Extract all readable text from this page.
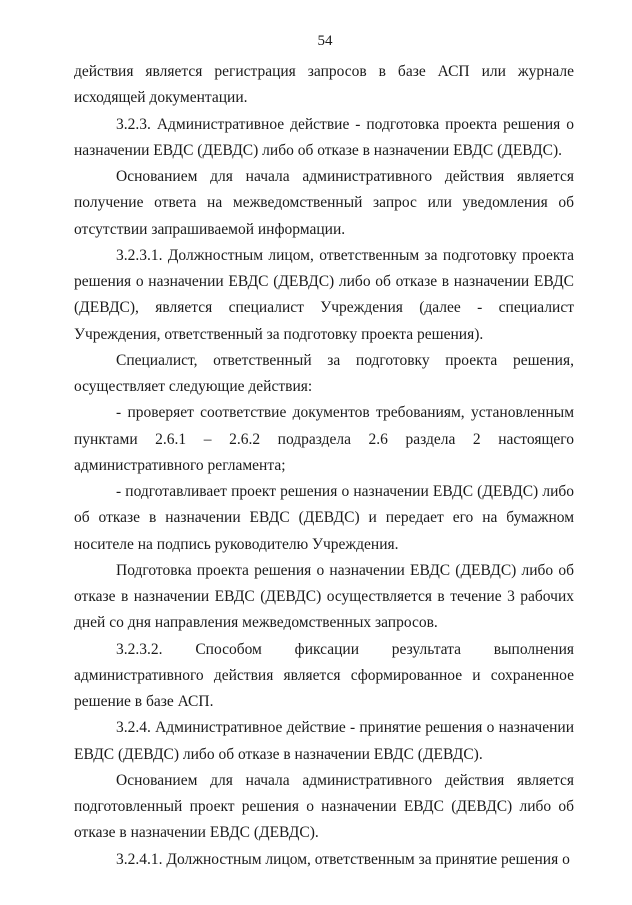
54

действия является регистрация запросов в базе АСП или журнале исходящей документации.

3.2.3. Административное действие - подготовка проекта решения о назначении ЕВДС (ДЕВДС) либо об отказе в назначении ЕВДС (ДЕВДС).

Основанием для начала административного действия является получение ответа на межведомственный запрос или уведомления об отсутствии запрашиваемой информации.

3.2.3.1. Должностным лицом, ответственным за подготовку проекта решения о назначении ЕВДС (ДЕВДС) либо об отказе в назначении ЕВДС (ДЕВДС), является специалист Учреждения (далее - специалист Учреждения, ответственный за подготовку проекта решения).

Специалист, ответственный за подготовку проекта решения, осуществляет следующие действия:

- проверяет соответствие документов требованиям, установленным пунктами 2.6.1 – 2.6.2 подраздела 2.6 раздела 2 настоящего административного регламента;

- подготавливает проект решения о назначении ЕВДС (ДЕВДС) либо об отказе в назначении ЕВДС (ДЕВДС) и передает его на бумажном носителе на подпись руководителю Учреждения.

Подготовка проекта решения о назначении ЕВДС (ДЕВДС) либо об отказе в назначении ЕВДС (ДЕВДС) осуществляется в течение 3 рабочих дней со дня направления межведомственных запросов.

3.2.3.2. Способом фиксации результата выполнения административного действия является сформированное и сохраненное решение в базе АСП.

3.2.4. Административное действие - принятие решения о назначении ЕВДС (ДЕВДС) либо об отказе в назначении ЕВДС (ДЕВДС).

Основанием для начала административного действия является подготовленный проект решения о назначении ЕВДС (ДЕВДС) либо об отказе в назначении ЕВДС (ДЕВДС).

3.2.4.1. Должностным лицом, ответственным за принятие решения о
